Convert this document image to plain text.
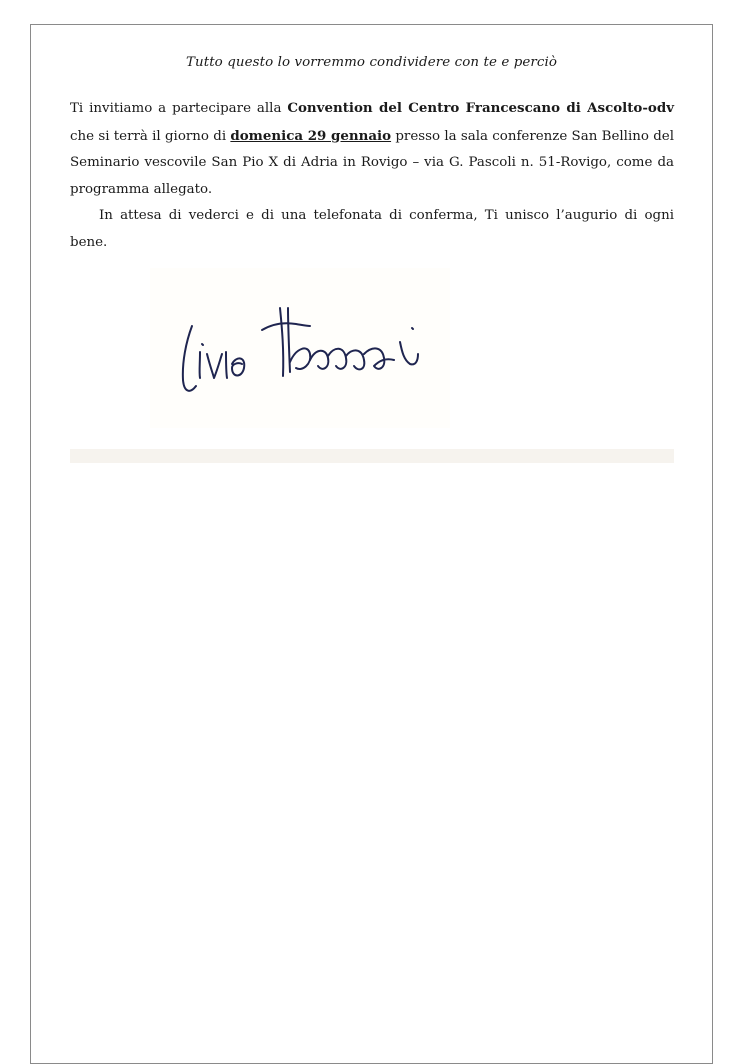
Tutto questo lo vorremmo condividere con te e perciò

Ti invitiamo a partecipare alla Convention del Centro Francescano di Ascolto-odv che si terrà il giorno di domenica 29 gennaio presso la sala conferenze San Bellino del Seminario vescovile San Pio X di Adria in Rovigo – via G. Pascoli n. 51-Rovigo, come da programma allegato.

In attesa di vederci e di una telefonata di conferma, Ti unisco l’augurio di ogni bene.
